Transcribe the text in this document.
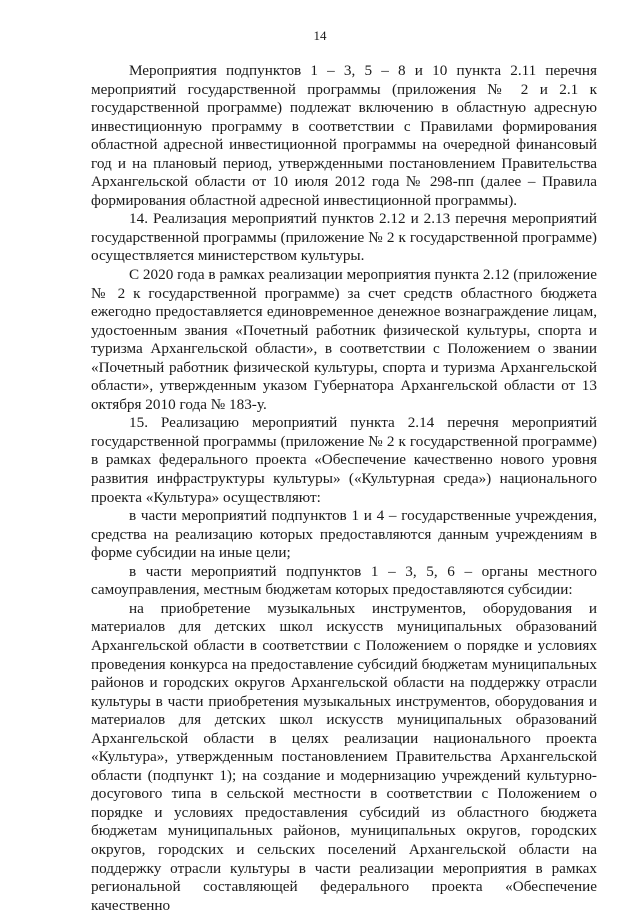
14

Мероприятия подпунктов 1 – 3, 5 – 8 и 10 пункта 2.11 перечня мероприятий государственной программы (приложения № 2 и 2.1 к государственной программе) подлежат включению в областную адресную инвестиционную программу в соответствии с Правилами формирования областной адресной инвестиционной программы на очередной финансовый год и на плановый период, утвержденными постановлением Правительства Архангельской области от 10 июля 2012 года № 298-пп (далее – Правила формирования областной адресной инвестиционной программы).

14. Реализация мероприятий пунктов 2.12 и 2.13 перечня мероприятий государственной программы (приложение № 2 к государственной программе) осуществляется министерством культуры.

С 2020 года в рамках реализации мероприятия пункта 2.12 (приложение № 2 к государственной программе) за счет средств областного бюджета ежегодно предоставляется единовременное денежное вознаграждение лицам, удостоенным звания «Почетный работник физической культуры, спорта и туризма Архангельской области», в соответствии с Положением о звании «Почетный работник физической культуры, спорта и туризма Архангельской области», утвержденным указом Губернатора Архангельской области от 13 октября 2010 года № 183-у.

15. Реализацию мероприятий пункта 2.14 перечня мероприятий государственной программы (приложение № 2 к государственной программе) в рамках федерального проекта «Обеспечение качественно нового уровня развития инфраструктуры культуры» («Культурная среда») национального проекта «Культура» осуществляют:

в части мероприятий подпунктов 1 и 4 – государственные учреждения, средства на реализацию которых предоставляются данным учреждениям в форме субсидии на иные цели;

в части мероприятий подпунктов 1 – 3, 5, 6 – органы местного самоуправления, местным бюджетам которых предоставляются субсидии:

на приобретение музыкальных инструментов, оборудования и материалов для детских школ искусств муниципальных образований Архангельской области в соответствии с Положением о порядке и условиях проведения конкурса на предоставление субсидий бюджетам муниципальных районов и городских округов Архангельской области на поддержку отрасли культуры в части приобретения музыкальных инструментов, оборудования и материалов для детских школ искусств муниципальных образований Архангельской области в целях реализации национального проекта «Культура», утвержденным постановлением Правительства Архангельской области (подпункт 1); на создание и модернизацию учреждений культурно-досугового типа в сельской местности в соответствии с Положением о порядке и условиях предоставления субсидий из областного бюджета бюджетам муниципальных районов, муниципальных округов, городских округов, городских и сельских поселений Архангельской области на поддержку отрасли культуры в части реализации мероприятия в рамках региональной составляющей федерального проекта «Обеспечение качественно
